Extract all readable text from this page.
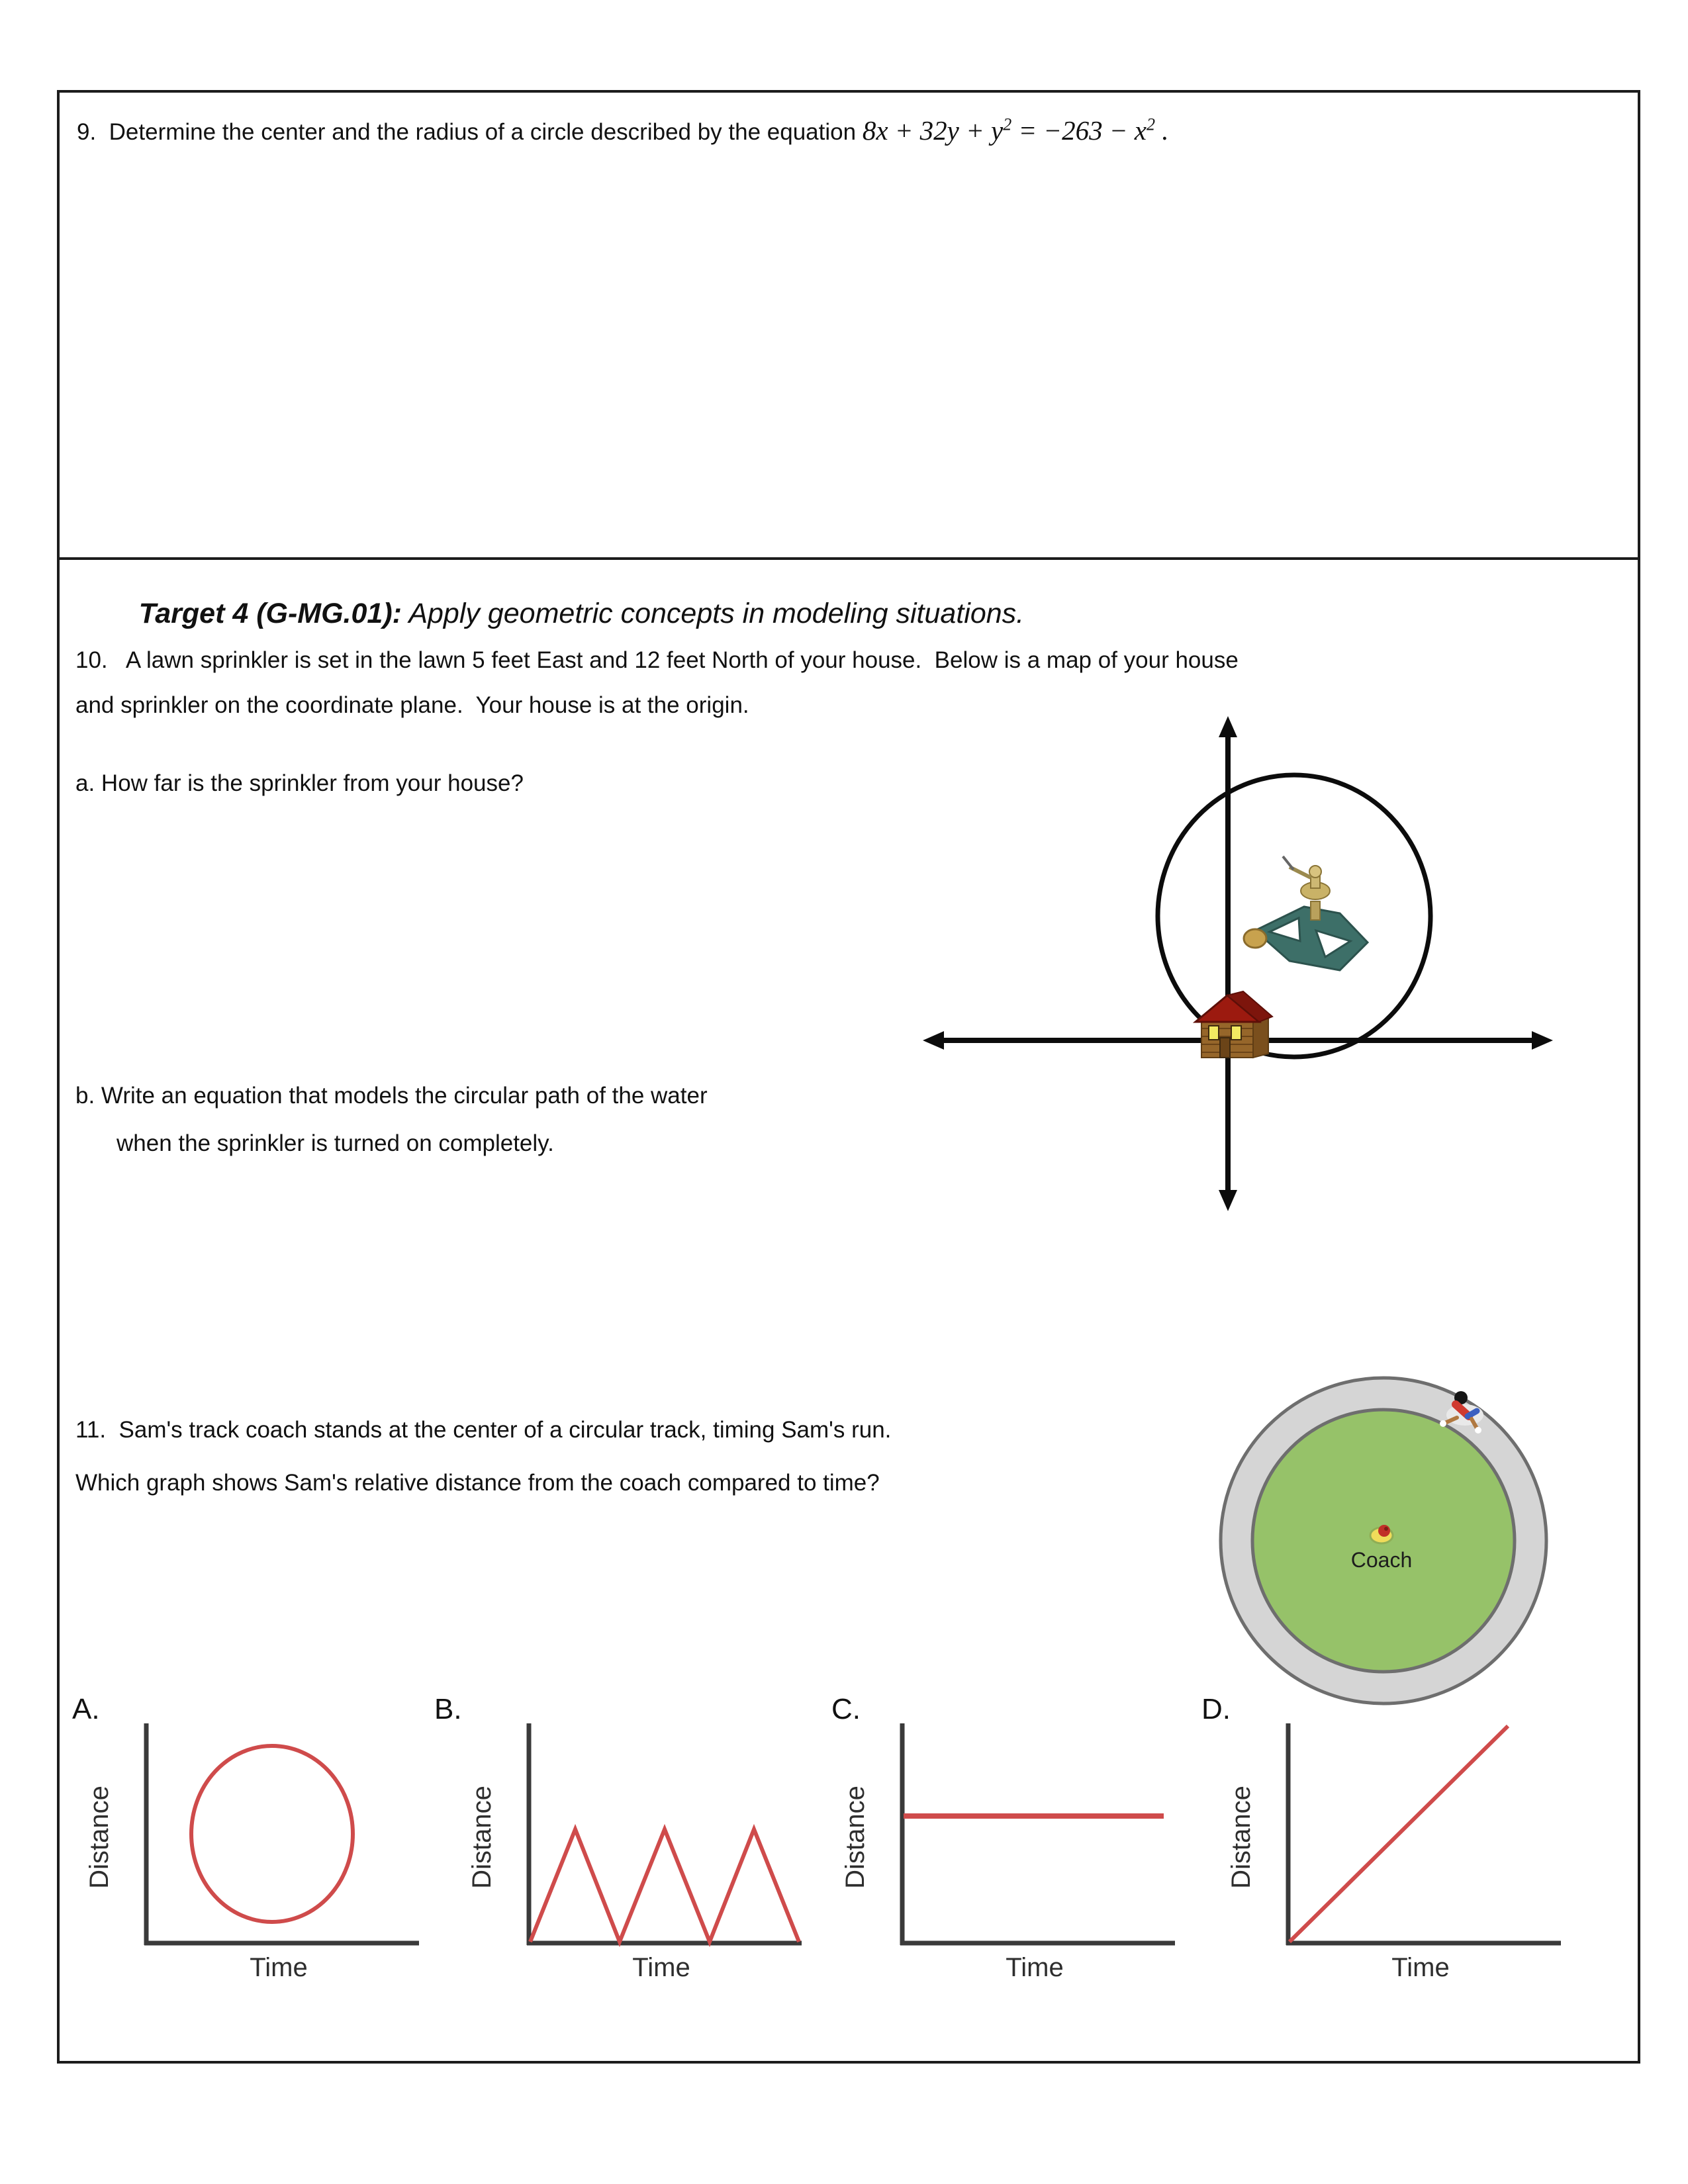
9.  Determine the center and the radius of a circle described by the equation $8x + 32y + y^2 = -263 - x^2$ .

Target 4 (G-MG.01): Apply geometric concepts in modeling situations.

10.   A lawn sprinkler is set in the lawn 5 feet East and 12 feet North of your house.  Below is a map of your house
and sprinkler on the coordinate plane.  Your house is at the origin.
a. How far is the sprinkler from your house?
b. Write an equation that models the circular path of the water
when the sprinkler is turned on completely.
11.  Sam's track coach stands at the center of a circular track, timing Sam's run.
Which graph shows Sam's relative distance from the coach compared to time?
Coach
A.	B.	C.	D.
Distance
Time
Distance
Time
Distance
Time
Distance
Time
